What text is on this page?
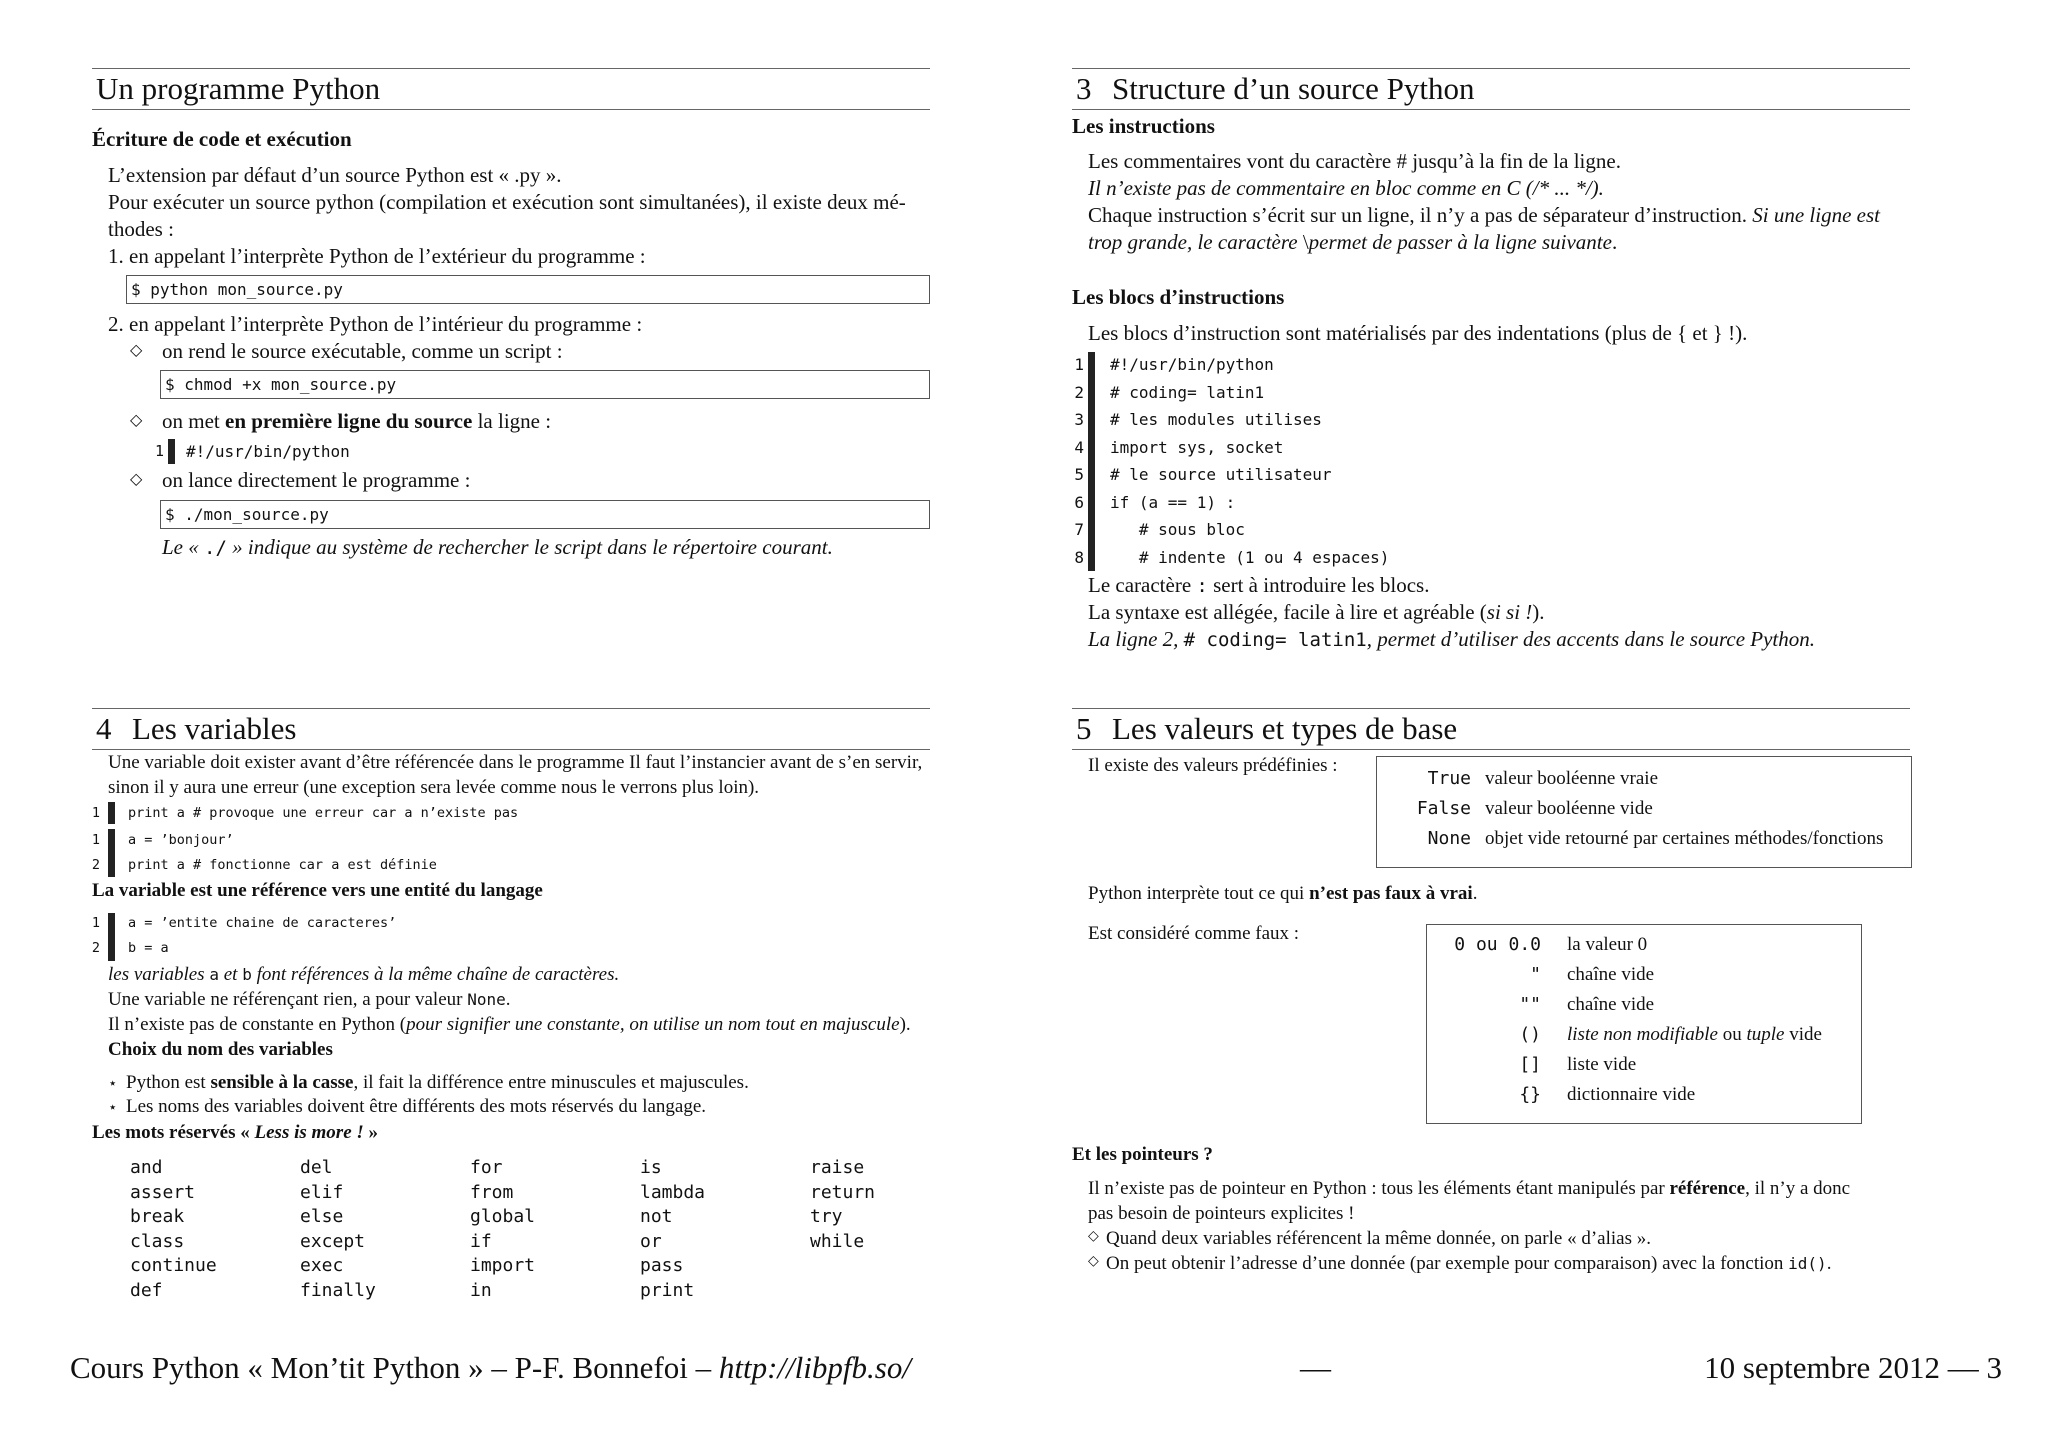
Un programme Python
Écriture de code et exécution
L’extension par défaut d’un source Python est « .py ».
Pour exécuter un source python (compilation et exécution sont simultanées), il existe deux mé-
thodes :
1. en appelant l’interprète Python de l’extérieur du programme :
$ python mon_source.py
2. en appelant l’interprète Python de l’intérieur du programme :
◇ on rend le source exécutable, comme un script :
$ chmod +x mon_source.py
◇ on met en première ligne du source la ligne :
1 #!/usr/bin/python
◇ on lance directement le programme :
$ ./mon_source.py
Le « ./ » indique au système de rechercher le script dans le répertoire courant.
3 Structure d’un source Python
Les instructions
Les commentaires vont du caractère # jusqu’à la fin de la ligne.
Il n’existe pas de commentaire en bloc comme en C (/* ... */).
Chaque instruction s’écrit sur un ligne, il n’y a pas de séparateur d’instruction. Si une ligne est
trop grande, le caractère \permet de passer à la ligne suivante.
Les blocs d’instructions
Les blocs d’instruction sont matérialisés par des indentations (plus de { et } !).
1 #!/usr/bin/python
2 # coding= latin1
3 # les modules utilises
4 import sys, socket
5 # le source utilisateur
6 if (a == 1) :
7 # sous bloc
8 # indente (1 ou 4 espaces)
Le caractère : sert à introduire les blocs.
La syntaxe est allégée, facile à lire et agréable (si si !).
La ligne 2, # coding= latin1, permet d’utiliser des accents dans le source Python.
4 Les variables
Une variable doit exister avant d’être référencée dans le programme Il faut l’instancier avant de s’en servir,
sinon il y aura une erreur (une exception sera levée comme nous le verrons plus loin).
1 print a # provoque une erreur car a n’existe pas
1 a = ’bonjour’
2 print a # fonctionne car a est définie
La variable est une référence vers une entité du langage
1 a = ’entite chaine de caracteres’
2 b = a
les variables a et b font références à la même chaîne de caractères.
Une variable ne référençant rien, a pour valeur None.
Il n’existe pas de constante en Python (pour signifier une constante, on utilise un nom tout en majuscule).
Choix du nom des variables
⋆ Python est sensible à la casse, il fait la différence entre minuscules et majuscules.
⋆ Les noms des variables doivent être différents des mots réservés du langage.
Les mots réservés « Less is more ! »
and
assert
break
class
continue
def
del
elif
else
except
exec
finally
for
from
global
if
import
in
is
lambda
not
or
pass
print
raise
return
try
while
5 Les valeurs et types de base
Il existe des valeurs prédéfinies :
True valeur booléenne vraie
False valeur booléenne vide
None objet vide retourné par certaines méthodes/fonctions
Python interprète tout ce qui n’est pas faux à vrai.
Est considéré comme faux :
0 ou 0.0 la valeur 0
" chaîne vide
"" chaîne vide
() liste non modifiable ou tuple vide
[] liste vide
{} dictionnaire vide
Et les pointeurs ?
Il n’existe pas de pointeur en Python : tous les éléments étant manipulés par référence, il n’y a donc
pas besoin de pointeurs explicites !
◇ Quand deux variables référencent la même donnée, on parle « d’alias ».
◇ On peut obtenir l’adresse d’une donnée (par exemple pour comparaison) avec la fonction id().
Cours Python « Mon’tit Python » – P-F. Bonnefoi – http://libpfb.so/	—	10 septembre 2012 — 3
